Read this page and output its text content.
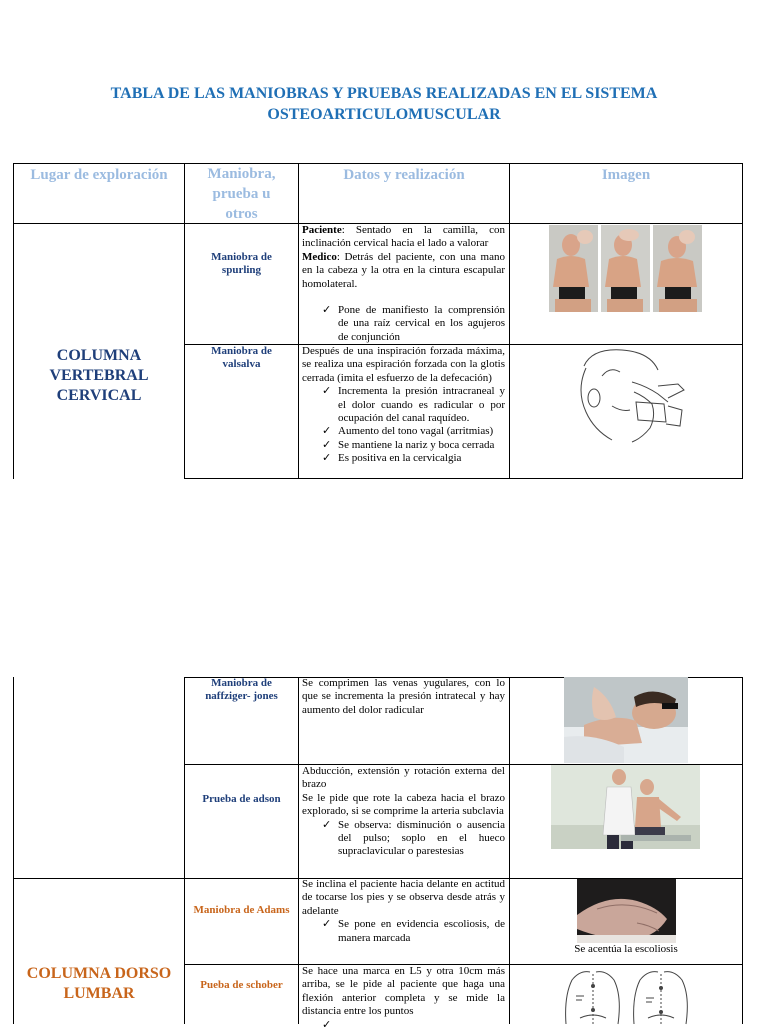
TABLA DE LAS MANIOBRAS Y PRUEBAS REALIZADAS EN EL SISTEMA
OSTEOARTICULOMUSCULAR
Lugar de exploración	Maniobra,
prueba u
otros
Datos y realización	Imagen
COLUMNA
VERTEBRAL
CERVICAL
Maniobra de
spurling
Paciente: Sentado en la camilla, con inclinación cervical hacia el lado a valorar
Medico: Detrás del paciente, con una mano en la cabeza y la otra en la cintura escapular homolateral.
✓ Pone de manifiesto la comprensión de una raíz cervical en los agujeros de conjunción
Maniobra de
valsalva
Después de una inspiración forzada máxima, se realiza una espiración forzada con la glotis cerrada (imita el esfuerzo de la defecación)
✓ Incrementa la presión intracraneal y el dolor cuando es radicular o por ocupación del canal raquídeo.
✓ Aumento del tono vagal (arritmias)
✓ Se mantiene la nariz y boca cerrada
✓ Es positiva en la cervicalgia
Maniobra de
naffziger- jones
Se comprimen las venas yugulares, con lo que se incrementa la presión intratecal y hay aumento del dolor radicular
Prueba de adson
Abducción, extensión y rotación externa del brazo
Se le pide que rote la cabeza hacia el brazo explorado, si se comprime la arteria subclavia
✓ Se observa: disminución o ausencia del pulso; soplo en el hueco supraclavicular o parestesias
COLUMNA DORSO
LUMBAR
Maniobra de Adams
Se inclina el paciente hacia delante en actitud de tocarse los pies y se observa desde atrás y adelante
✓ Se pone en evidencia escoliosis, de manera marcada
Se acentúa la escoliosis
Pueba de schober
Se hace una marca en L5 y otra 10cm más arriba, se le pide al paciente que haga una flexión anterior completa y se mide la distancia entre los puntos
✓
